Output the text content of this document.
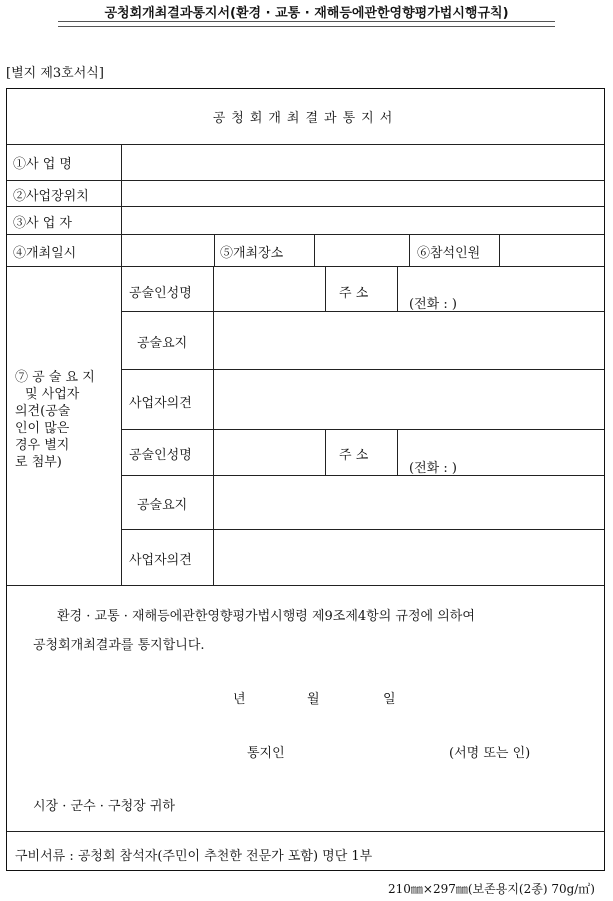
공청회개최결과통지서(환경 · 교통 · 재해등에관한영향평가법시행규칙)
[별지 제3호서식]
공청회개최결과통지서
①사 업 명
②사업장위치
③사 업 자
④개최일시	⑤개최장소	⑥참석인원
⑦ 공 술 요 지
및 사업자
의견(공술
인이 많은
경우 별지
로 첨부)
공술인성명	주 소
(전화 : )
공술요지
사업자의견
공술인성명	주 소
(전화 : )
공술요지
사업자의견
환경 · 교통 · 재해등에관한영향평가법시행령 제9조제4항의 규정에 의하여
공청회개최결과를 통지합니다.
년	월	일
통지인	(서명 또는 인)
시장 · 군수 · 구청장 귀하
구비서류 : 공청회 참석자(주민이 추천한 전문가 포함) 명단 1부
210㎜×297㎜(보존용지(2종) 70g/㎡)
